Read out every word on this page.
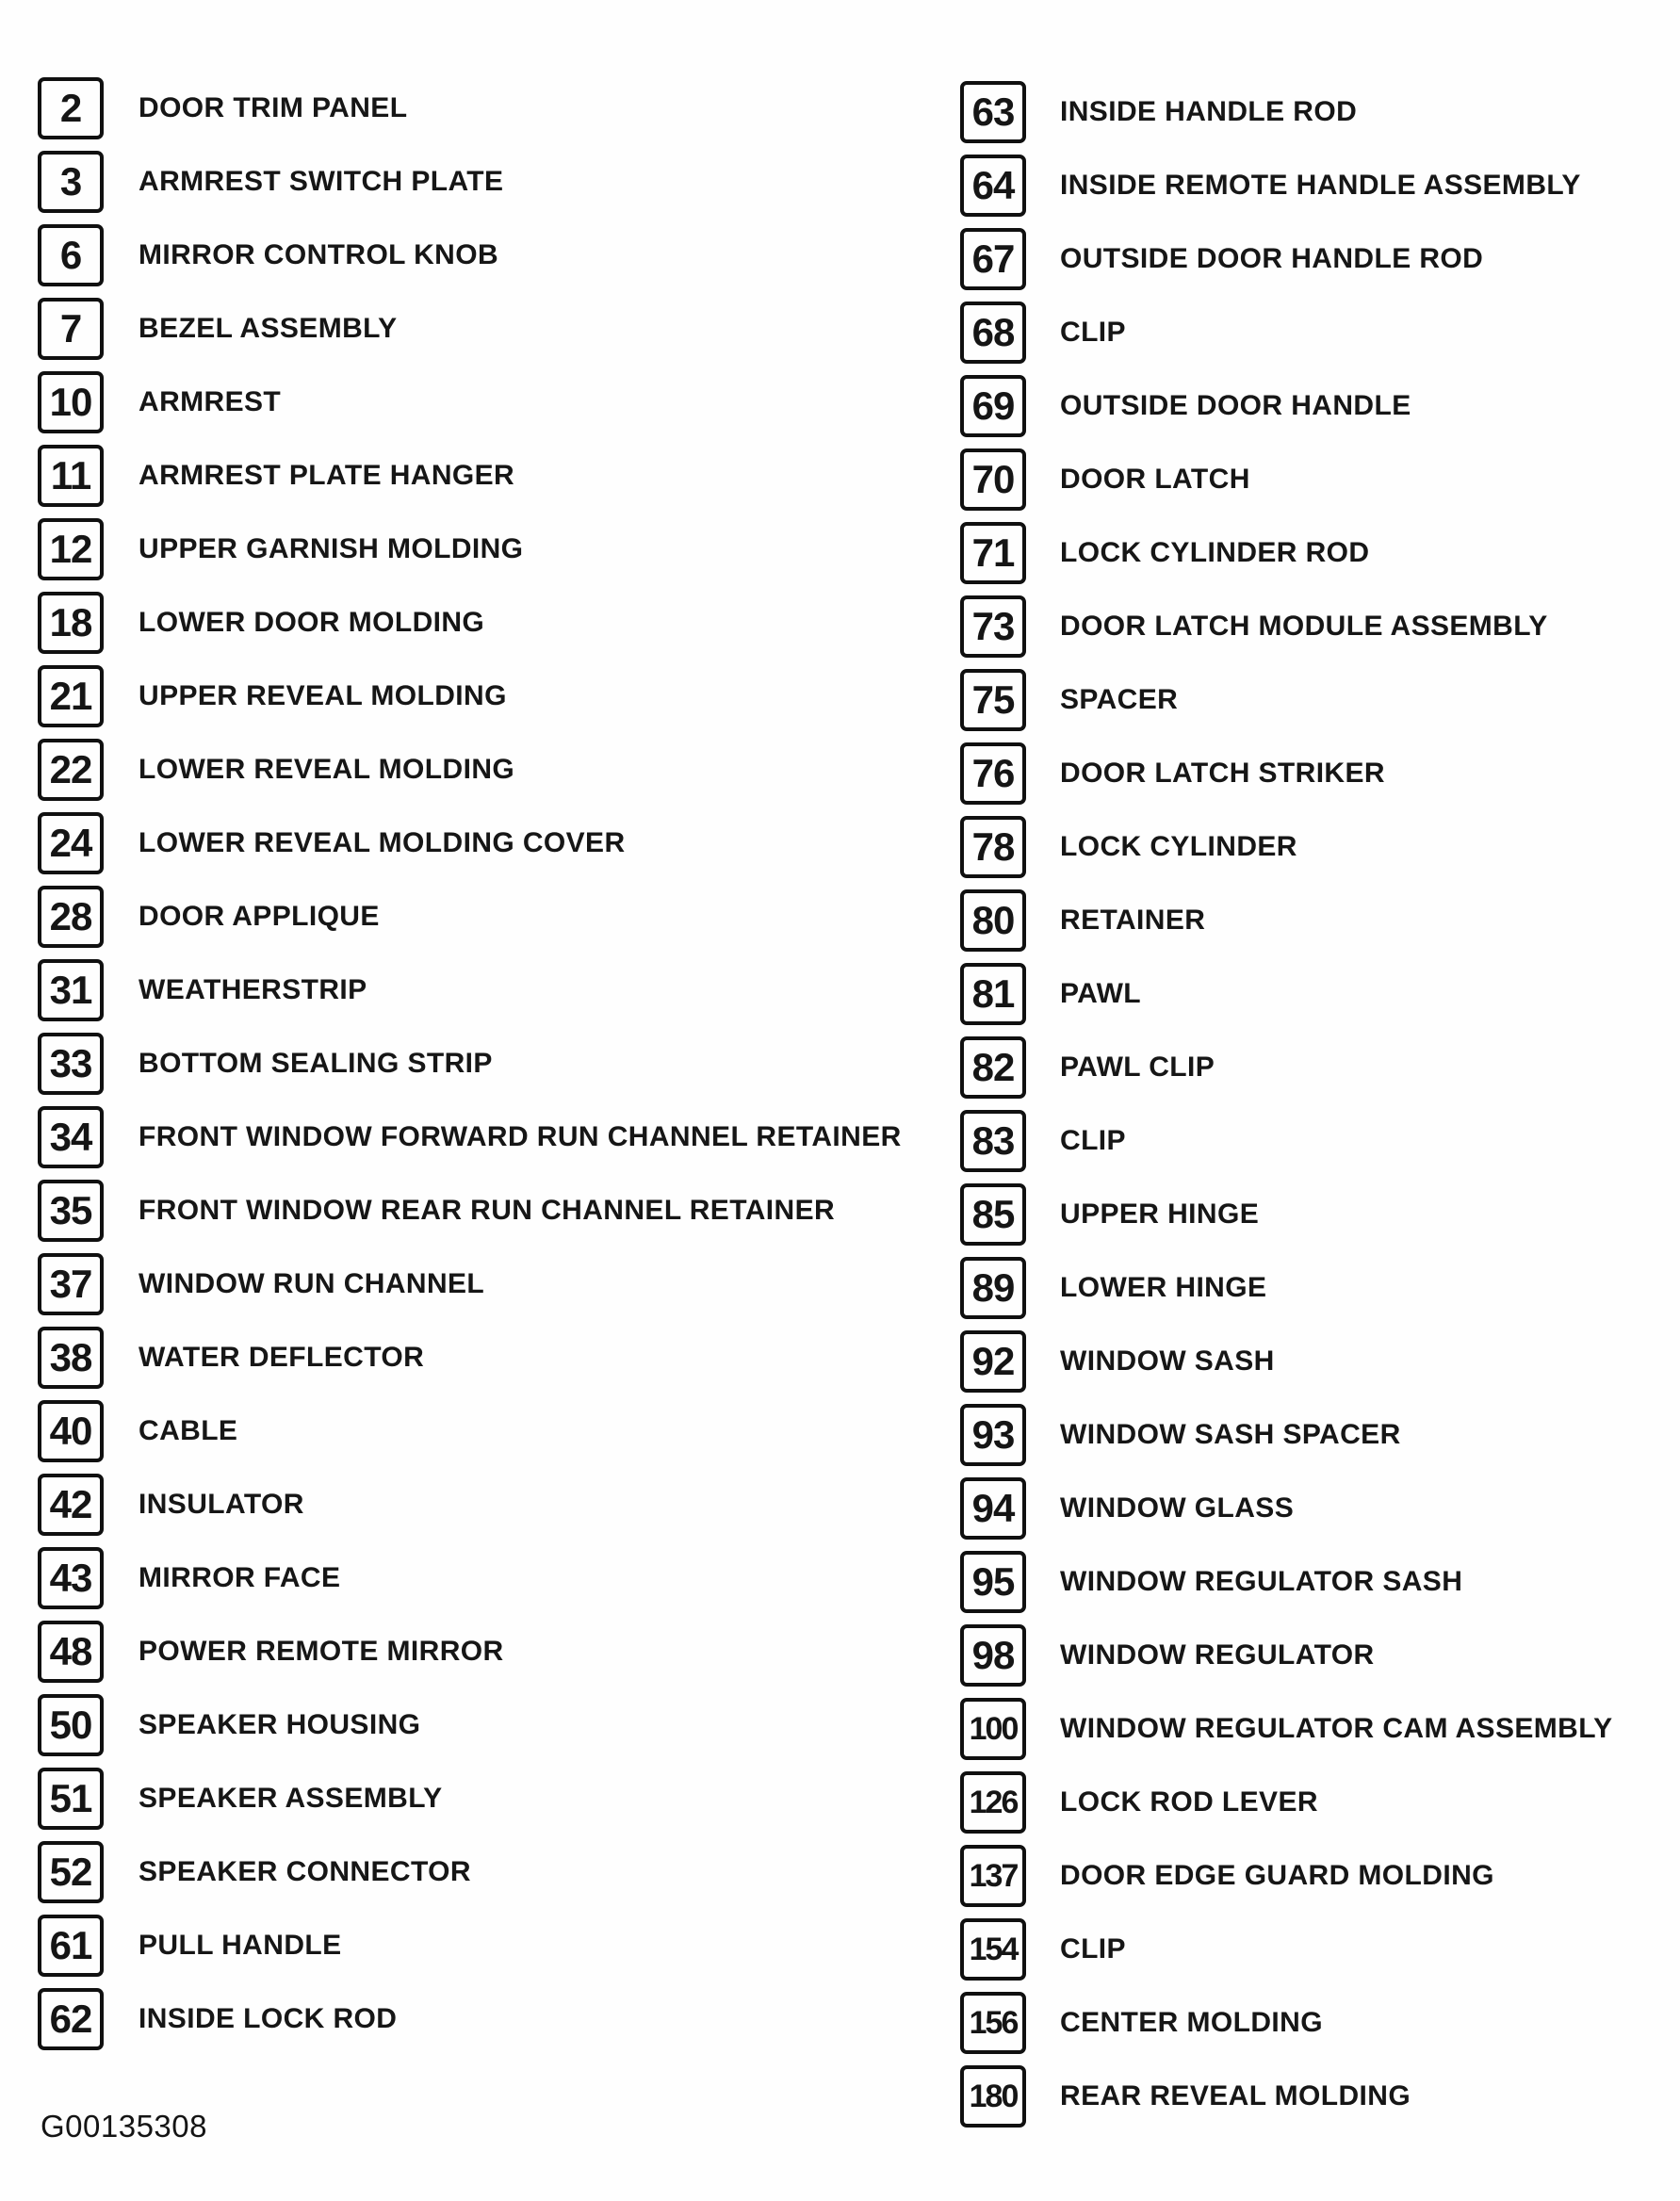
2	DOOR TRIM PANEL
3	ARMREST SWITCH PLATE
6	MIRROR CONTROL KNOB
7	BEZEL ASSEMBLY
10	ARMREST
11	ARMREST PLATE HANGER
12	UPPER GARNISH MOLDING
18	LOWER DOOR MOLDING
21	UPPER REVEAL MOLDING
22	LOWER REVEAL MOLDING
24	LOWER REVEAL MOLDING COVER
28	DOOR APPLIQUE
31	WEATHERSTRIP
33	BOTTOM SEALING STRIP
34	FRONT WINDOW FORWARD RUN CHANNEL RETAINER
35	FRONT WINDOW REAR RUN CHANNEL RETAINER
37	WINDOW RUN CHANNEL
38	WATER DEFLECTOR
40	CABLE
42	INSULATOR
43	MIRROR FACE
48	POWER REMOTE MIRROR
50	SPEAKER HOUSING
51	SPEAKER ASSEMBLY
52	SPEAKER CONNECTOR
61	PULL HANDLE
62	INSIDE LOCK ROD
63	INSIDE HANDLE ROD
64	INSIDE REMOTE HANDLE ASSEMBLY
67	OUTSIDE DOOR HANDLE ROD
68	CLIP
69	OUTSIDE DOOR HANDLE
70	DOOR LATCH
71	LOCK CYLINDER ROD
73	DOOR LATCH MODULE ASSEMBLY
75	SPACER
76	DOOR LATCH STRIKER
78	LOCK CYLINDER
80	RETAINER
81	PAWL
82	PAWL CLIP
83	CLIP
85	UPPER HINGE
89	LOWER HINGE
92	WINDOW SASH
93	WINDOW SASH SPACER
94	WINDOW GLASS
95	WINDOW REGULATOR SASH
98	WINDOW REGULATOR
100	WINDOW REGULATOR CAM ASSEMBLY
126	LOCK ROD LEVER
137	DOOR EDGE GUARD MOLDING
154	CLIP
156	CENTER MOLDING
180	REAR REVEAL MOLDING
G00135308
